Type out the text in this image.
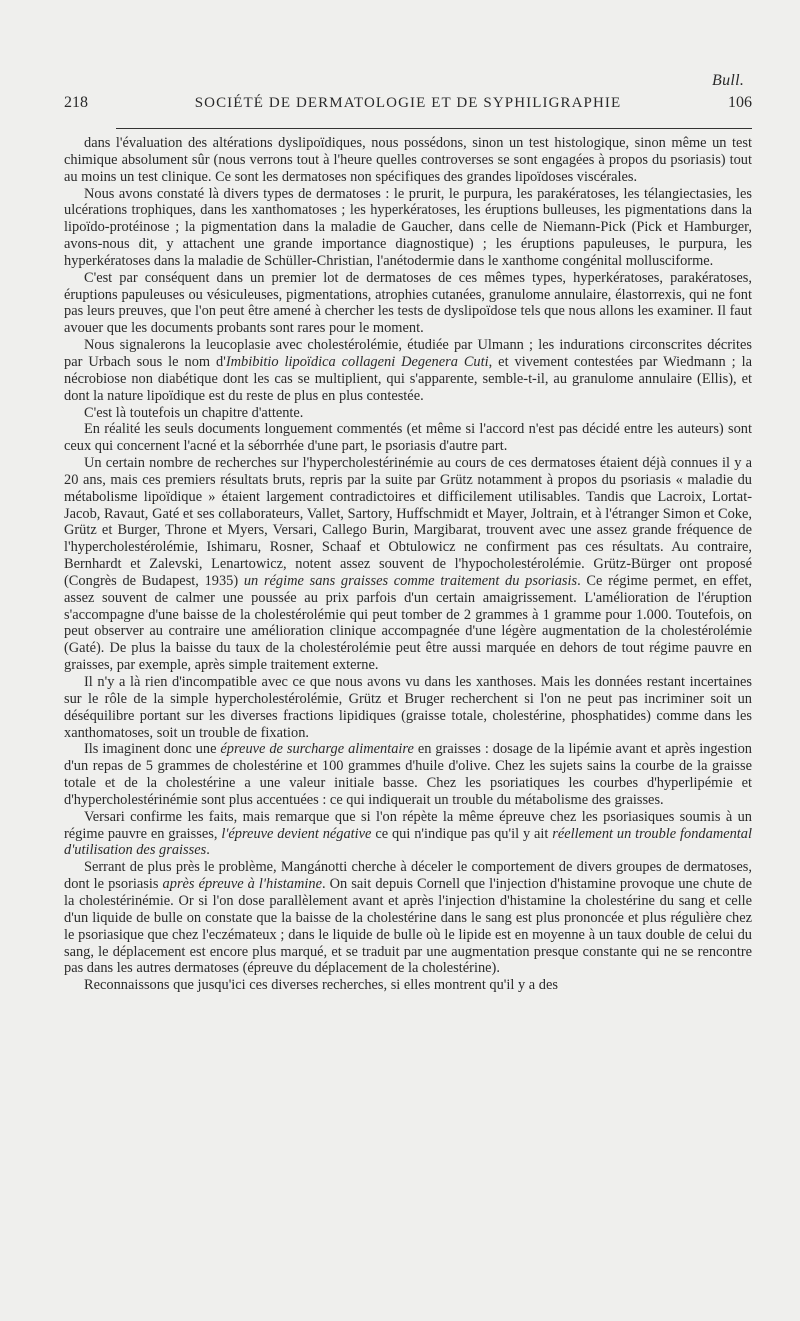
Bull.
218	SOCIÉTÉ DE DERMATOLOGIE ET DE SYPHILIGRAPHIE	106

dans l'évaluation des altérations dyslipoïdiques, nous possédons, sinon un test histologique, sinon même un test chimique absolument sûr (nous verrons tout à l'heure quelles controverses se sont engagées à propos du psoriasis) tout au moins un test clinique. Ce sont les dermatoses non spécifiques des grandes lipoïdoses viscérales.

Nous avons constaté là divers types de dermatoses : le prurit, le purpura, les parakératoses, les télangiectasies, les ulcérations trophiques, dans les xanthomatoses ; les hyperkératoses, les éruptions bulleuses, les pigmentations dans la lipoïdo-protéinose ; la pigmentation dans la maladie de Gaucher, dans celle de Niemann-Pick (Pick et Hamburger, avons-nous dit, y attachent une grande importance diagnostique) ; les éruptions papuleuses, le purpura, les hyperkératoses dans la maladie de Schüller-Christian, l'anétodermie dans le xanthome congénital mollusciforme.

C'est par conséquent dans un premier lot de dermatoses de ces mêmes types, hyperkératoses, parakératoses, éruptions papuleuses ou vésiculeuses, pigmentations, atrophies cutanées, granulome annulaire, élastorrexis, qui ne font pas leurs preuves, que l'on peut être amené à chercher les tests de dyslipoïdose tels que nous allons les examiner. Il faut avouer que les documents probants sont rares pour le moment.

Nous signalerons la leucoplasie avec cholestérolémie, étudiée par Ulmann ; les indurations circonscrites décrites par Urbach sous le nom d'Imbibitio lipoïdica collageni Degenera Cuti, et vivement contestées par Wiedmann ; la nécrobiose non diabétique dont les cas se multiplient, qui s'apparente, semble-t-il, au granulome annulaire (Ellis), et dont la nature lipoïdique est du reste de plus en plus contestée.

C'est là toutefois un chapitre d'attente.

En réalité les seuls documents longuement commentés (et même si l'accord n'est pas décidé entre les auteurs) sont ceux qui concernent l'acné et la séborrhée d'une part, le psoriasis d'autre part.

Un certain nombre de recherches sur l'hypercholestérinémie au cours de ces dermatoses étaient déjà connues il y a 20 ans, mais ces premiers résultats bruts, repris par la suite par Grütz notamment à propos du psoriasis « maladie du métabolisme lipoïdique » étaient largement contradictoires et difficilement utilisables. Tandis que Lacroix, Lortat-Jacob, Ravaut, Gaté et ses collaborateurs, Vallet, Sartory, Huffschmidt et Mayer, Joltrain, et à l'étranger Simon et Coke, Grütz et Burger, Throne et Myers, Versari, Callego Burin, Margibarat, trouvent avec une assez grande fréquence de l'hypercholestérolémie, Ishimaru, Rosner, Schaaf et Obtulowicz ne confirment pas ces résultats. Au contraire, Bernhardt et Zalevski, Lenartowicz, notent assez souvent de l'hypocholestérolémie. Grütz-Bürger ont proposé (Congrès de Budapest, 1935) un régime sans graisses comme traitement du psoriasis. Ce régime permet, en effet, assez souvent de calmer une poussée au prix parfois d'un certain amaigrissement. L'amélioration de l'éruption s'accompagne d'une baisse de la cholestérolémie qui peut tomber de 2 grammes à 1 gramme pour 1.000. Toutefois, on peut observer au contraire une amélioration clinique accompagnée d'une légère augmentation de la cholestérolémie (Gaté). De plus la baisse du taux de la cholestérolémie peut être aussi marquée en dehors de tout régime pauvre en graisses, par exemple, après simple traitement externe.

Il n'y a là rien d'incompatible avec ce que nous avons vu dans les xanthoses. Mais les données restant incertaines sur le rôle de la simple hypercholestérolémie, Grütz et Bruger recherchent si l'on ne peut pas incriminer soit un déséquilibre portant sur les diverses fractions lipidiques (graisse totale, cholestérine, phosphatides) comme dans les xanthomatoses, soit un trouble de fixation.

Ils imaginent donc une épreuve de surcharge alimentaire en graisses : dosage de la lipémie avant et après ingestion d'un repas de 5 grammes de cholestérine et 100 grammes d'huile d'olive. Chez les sujets sains la courbe de la graisse totale et de la cholestérine a une valeur initiale basse. Chez les psoriatiques les courbes d'hyperlipémie et d'hypercholestérinémie sont plus accentuées : ce qui indiquerait un trouble du métabolisme des graisses.

Versari confirme les faits, mais remarque que si l'on répète la même épreuve chez les psoriasiques soumis à un régime pauvre en graisses, l'épreuve devient négative ce qui n'indique pas qu'il y ait réellement un trouble fondamental d'utilisation des graisses.

Serrant de plus près le problème, Mangánotti cherche à déceler le comportement de divers groupes de dermatoses, dont le psoriasis après épreuve à l'histamine. On sait depuis Cornell que l'injection d'histamine provoque une chute de la cholestérinémie. Or si l'on dose parallèlement avant et après l'injection d'histamine la cholestérine du sang et celle d'un liquide de bulle on constate que la baisse de la cholestérine dans le sang est plus prononcée et plus régulière chez le psoriasique que chez l'eczémateux ; dans le liquide de bulle où le lipide est en moyenne à un taux double de celui du sang, le déplacement est encore plus marqué, et se traduit par une augmentation presque constante qui ne se rencontre pas dans les autres dermatoses (épreuve du déplacement de la cholestérine).

Reconnaissons que jusqu'ici ces diverses recherches, si elles montrent qu'il y a des
